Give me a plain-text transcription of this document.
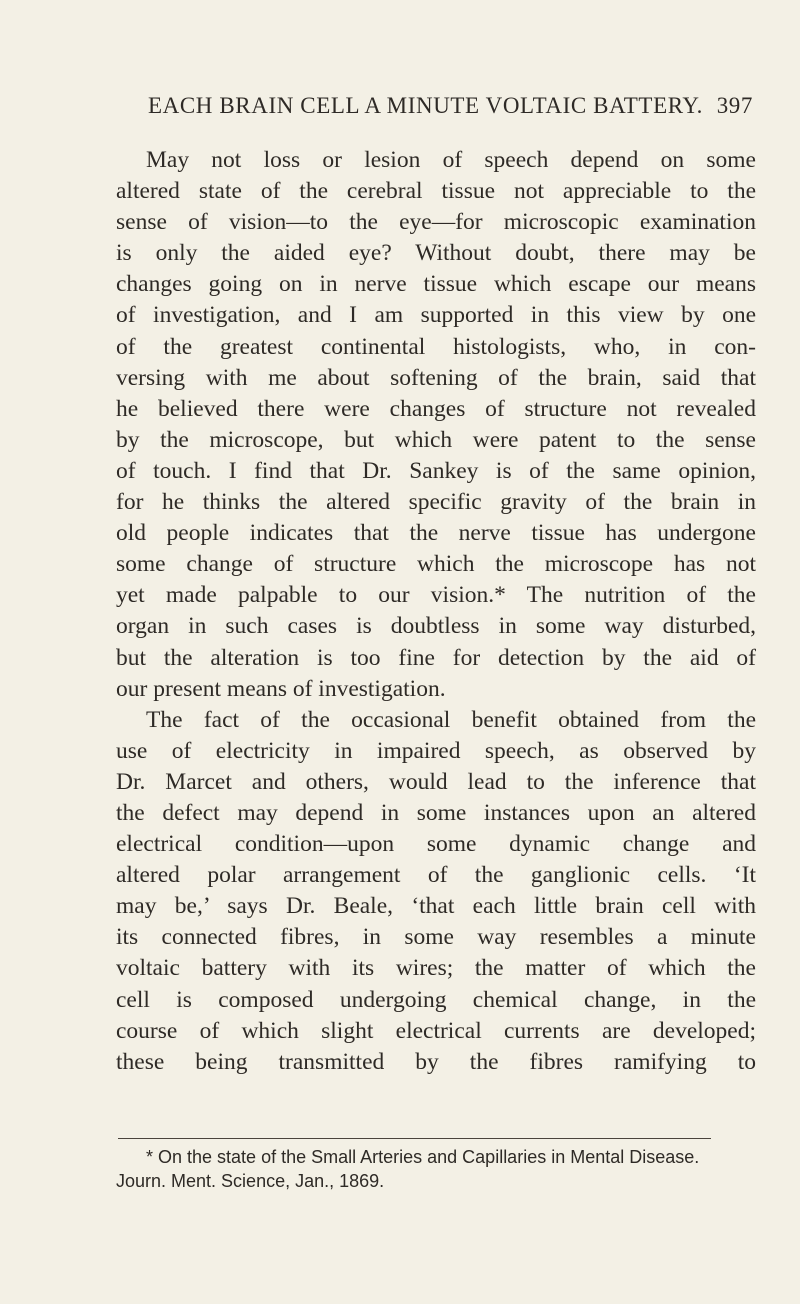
EACH BRAIN CELL A MINUTE VOLTAIC BATTERY. 397
May not loss or lesion of speech depend on some
altered state of the cerebral tissue not appreciable to the
sense of vision—to the eye—for microscopic examination
is only the aided eye? Without doubt, there may be
changes going on in nerve tissue which escape our means
of investigation, and I am supported in this view by one
of the greatest continental histologists, who, in con-
versing with me about softening of the brain, said that
he believed there were changes of structure not revealed
by the microscope, but which were patent to the sense
of touch. I find that Dr. Sankey is of the same opinion,
for he thinks the altered specific gravity of the brain in
old people indicates that the nerve tissue has undergone
some change of structure which the microscope has not
yet made palpable to our vision.* The nutrition of the
organ in such cases is doubtless in some way disturbed,
but the alteration is too fine for detection by the aid of
our present means of investigation.
The fact of the occasional benefit obtained from the
use of electricity in impaired speech, as observed by
Dr. Marcet and others, would lead to the inference that
the defect may depend in some instances upon an altered
electrical condition—upon some dynamic change and
altered polar arrangement of the ganglionic cells. ‘It
may be,’ says Dr. Beale, ‘that each little brain cell with
its connected fibres, in some way resembles a minute
voltaic battery with its wires; the matter of which the
cell is composed undergoing chemical change, in the
course of which slight electrical currents are developed;
these being transmitted by the fibres ramifying to
* On the state of the Small Arteries and Capillaries in Mental Disease.
Journ. Ment. Science, Jan., 1869.
